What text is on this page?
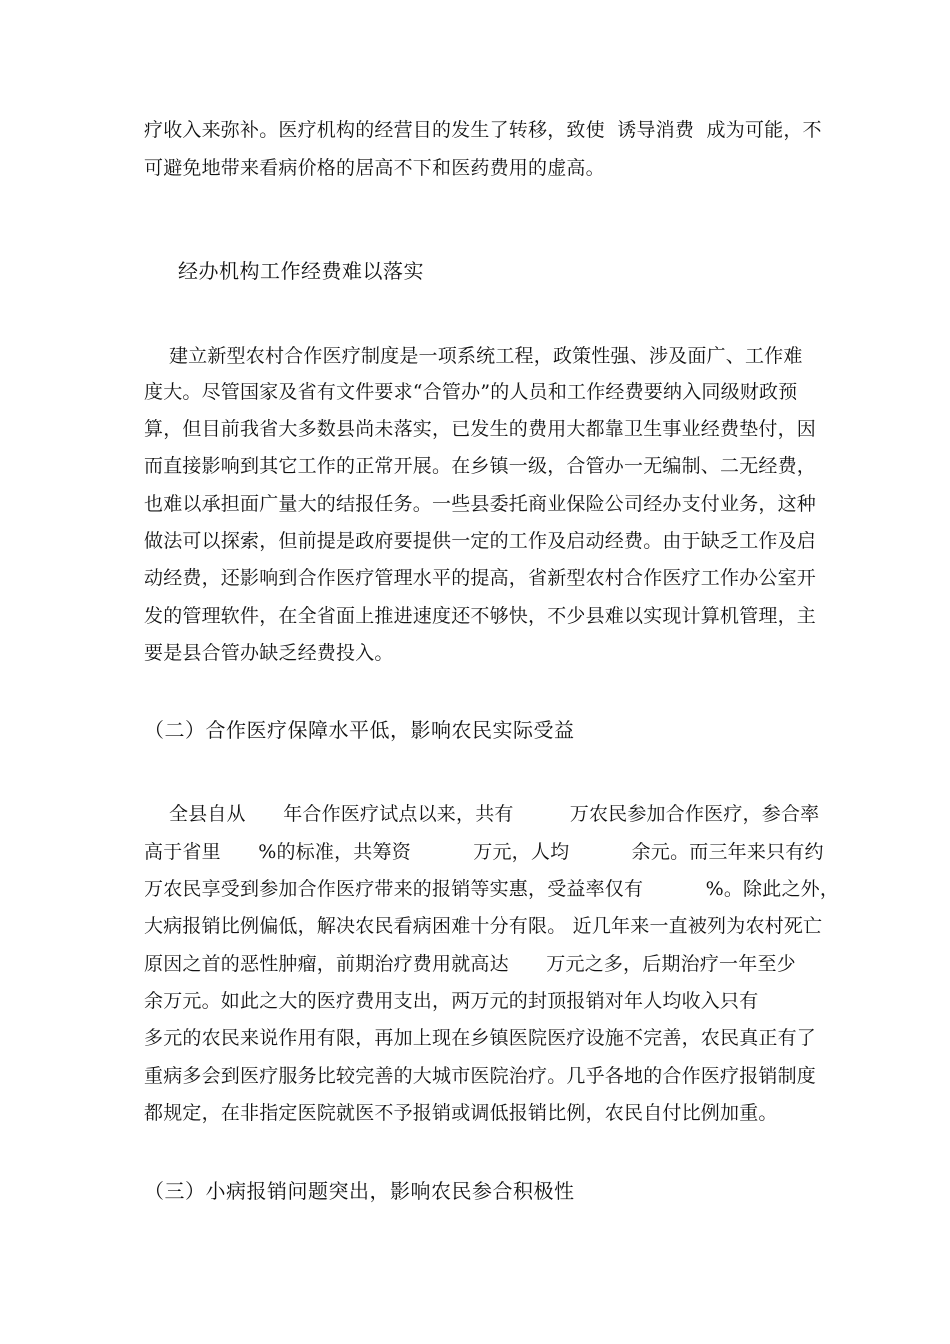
疗收入来弥补。医疗机构的经营目的发生了转移，致使  诱导消费  成为可能，不
可避免地带来看病价格的居高不下和医药费用的虚高。
经办机构工作经费难以落实
建立新型农村合作医疗制度是一项系统工程，政策性强、涉及面广、工作难
度大。尽管国家及省有文件要求“合管办”的人员和工作经费要纳入同级财政预
算，但目前我省大多数县尚未落实，已发生的费用大都靠卫生事业经费垫付，因
而直接影响到其它工作的正常开展。在乡镇一级，合管办一无编制、二无经费，
也难以承担面广量大的结报任务。一些县委托商业保险公司经办支付业务，这种
做法可以探索，但前提是政府要提供一定的工作及启动经费。由于缺乏工作及启
动经费，还影响到合作医疗管理水平的提高，省新型农村合作医疗工作办公室开
发的管理软件，在全省面上推进速度还不够快，不少县难以实现计算机管理，主
要是县合管办缺乏经费投入。
（二）合作医疗保障水平低，影响农民实际受益
全县自从      年合作医疗试点以来，共有         万农民参加合作医疗，参合率
高于省里      %的标准，共筹资          万元，人均          余元。而三年来只有约
万农民享受到参加合作医疗带来的报销等实惠，受益率仅有          %。除此之外，
大病报销比例偏低，解决农民看病困难十分有限。 近几年来一直被列为农村死亡
原因之首的恶性肿瘤，前期治疗费用就高达      万元之多，后期治疗一年至少
余万元。如此之大的医疗费用支出，两万元的封顶报销对年人均收入只有
多元的农民来说作用有限，再加上现在乡镇医院医疗设施不完善，农民真正有了
重病多会到医疗服务比较完善的大城市医院治疗。几乎各地的合作医疗报销制度
都规定，在非指定医院就医不予报销或调低报销比例，农民自付比例加重。
（三）小病报销问题突出，影响农民参合积极性
